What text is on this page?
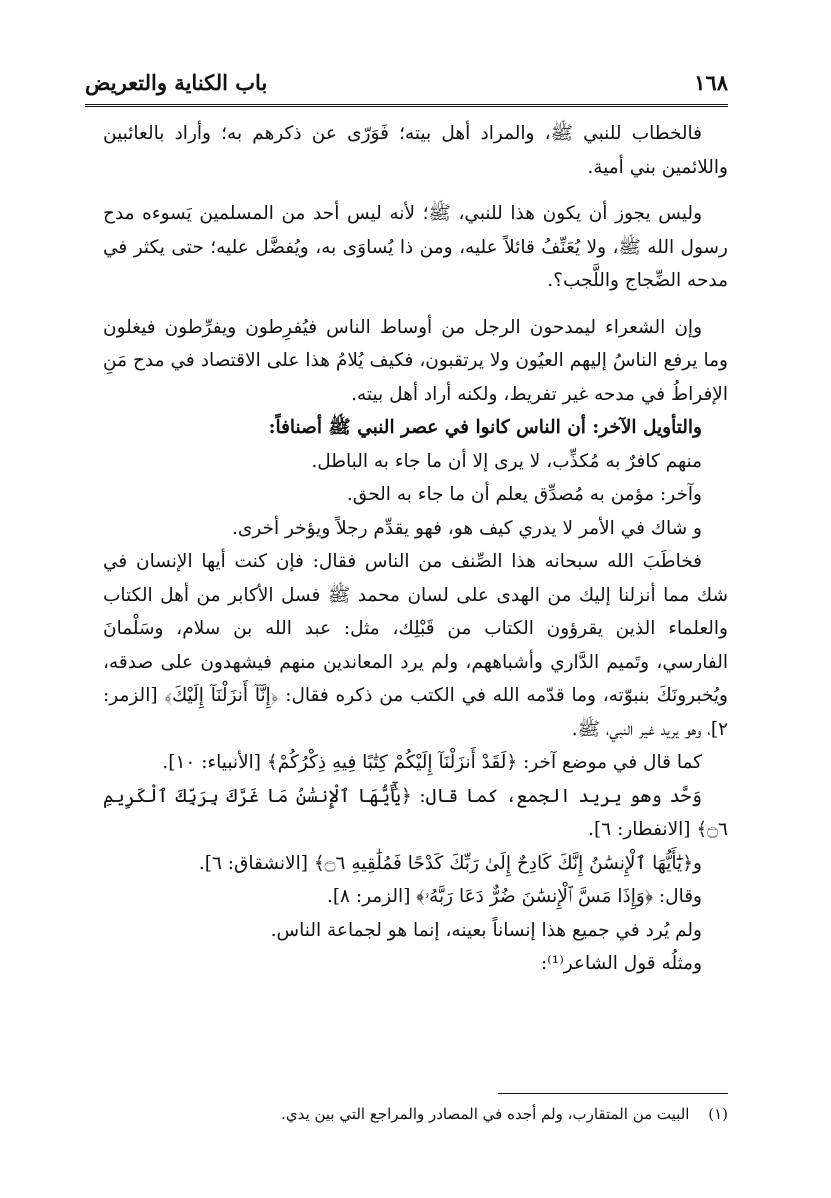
١٦٨
باب الكناية والتعريض

فالخطاب للنبي ﷺ، والمراد أهل بيته؛ فَوَرّى عن ذكرهم به؛ وأراد بالعائبين واللائمين بني أمية.

وليس يجوز أن يكون هذا للنبي، ﷺ؛ لأنه ليس أحد من المسلمين يَسوءه مدح رسول الله ﷺ، ولا يُعَنِّفُ قائلاً عليه، ومن ذا يُساوَى به، ويُفضَّل عليه؛ حتى يكثر في مدحه الضِّجاج واللَّجب؟.

وإن الشعراء ليمدحون الرجل من أوساط الناس فيُفرِطون ويفرِّطون فيغلون وما يرفع الناسُ إليهم العيُون ولا يرتقبون، فكيف يُلامُ هذا على الاقتصاد في مدح مَنِ الإفراطُ في مدحه غير تفريط، ولكنه أراد أهل بيته.

والتأويل الآخر: أن الناس كانوا في عصر النبي ﷺ أصنافاً:

منهم كافرٌ به مُكذِّب، لا يرى إلا أن ما جاء به الباطل.

وآخر: مؤمن به مُصدِّق يعلم أن ما جاء به الحق.

و شاك في الأمر لا يدري كيف هو، فهو يقدِّم رجلاً ويؤخر أخرى.

فخاطَبَ الله سبحانه هذا الصِّنف من الناس فقال: فإن كنت أيها الإنسان في شك مما أنزلنا إليك من الهدى على لسان محمد ﷺ فسل الأكابر من أهل الكتاب والعلماء الذين يقرؤون الكتاب من قَبْلِك، مثل: عبد الله بن سلام، وسَلْمانَ الفارسي، وتَميم الدَّاري وأشباههم، ولم يرد المعاندين منهم فيشهدون على صدقه، ويُخبرونَكَ بنبوّته، وما قدّمه الله في الكتب من ذكره فقال: ﴿إِنَّآ أَنزَلْنَآ إِلَيْكَ﴾ [الزمر: ٢]، وهو يريد غير النبي، ﷺ.

كما قال في موضع آخر: ﴿لَقَدْ أَنزَلْنَآ إِلَيْكُمْ كِتَٰبًا فِيهِ ذِكْرُكُمْ﴾ [الأنبياء: ١٠].

وَحَّد وهو يريد الجمع، كما قال: ﴿يَٰٓأَيُّهَا ٱلْإِنسَٰنُ مَا غَرَّكَ بِرَبِّكَ ٱلْكَرِيمِ ۝٦﴾ [الانفطار: ٦].

و﴿يَٰٓأَيُّهَا ٱلْإِنسَٰنُ إِنَّكَ كَادِحٌ إِلَىٰ رَبِّكَ كَدْحًا فَمُلَٰقِيهِ ۝٦﴾ [الانشقاق: ٦].

وقال: ﴿وَإِذَا مَسَّ ٱلْإِنسَٰنَ ضُرٌّ دَعَا رَبَّهُۥ﴾ [الزمر: ٨].

ولم يُرد في جميع هذا إنساناً بعينه، إنما هو لجماعة الناس.

ومثلُه قول الشاعر⁽¹⁾:

(١) البيت من المتقارب، ولم أجده في المصادر والمراجع التي بين يدي.
